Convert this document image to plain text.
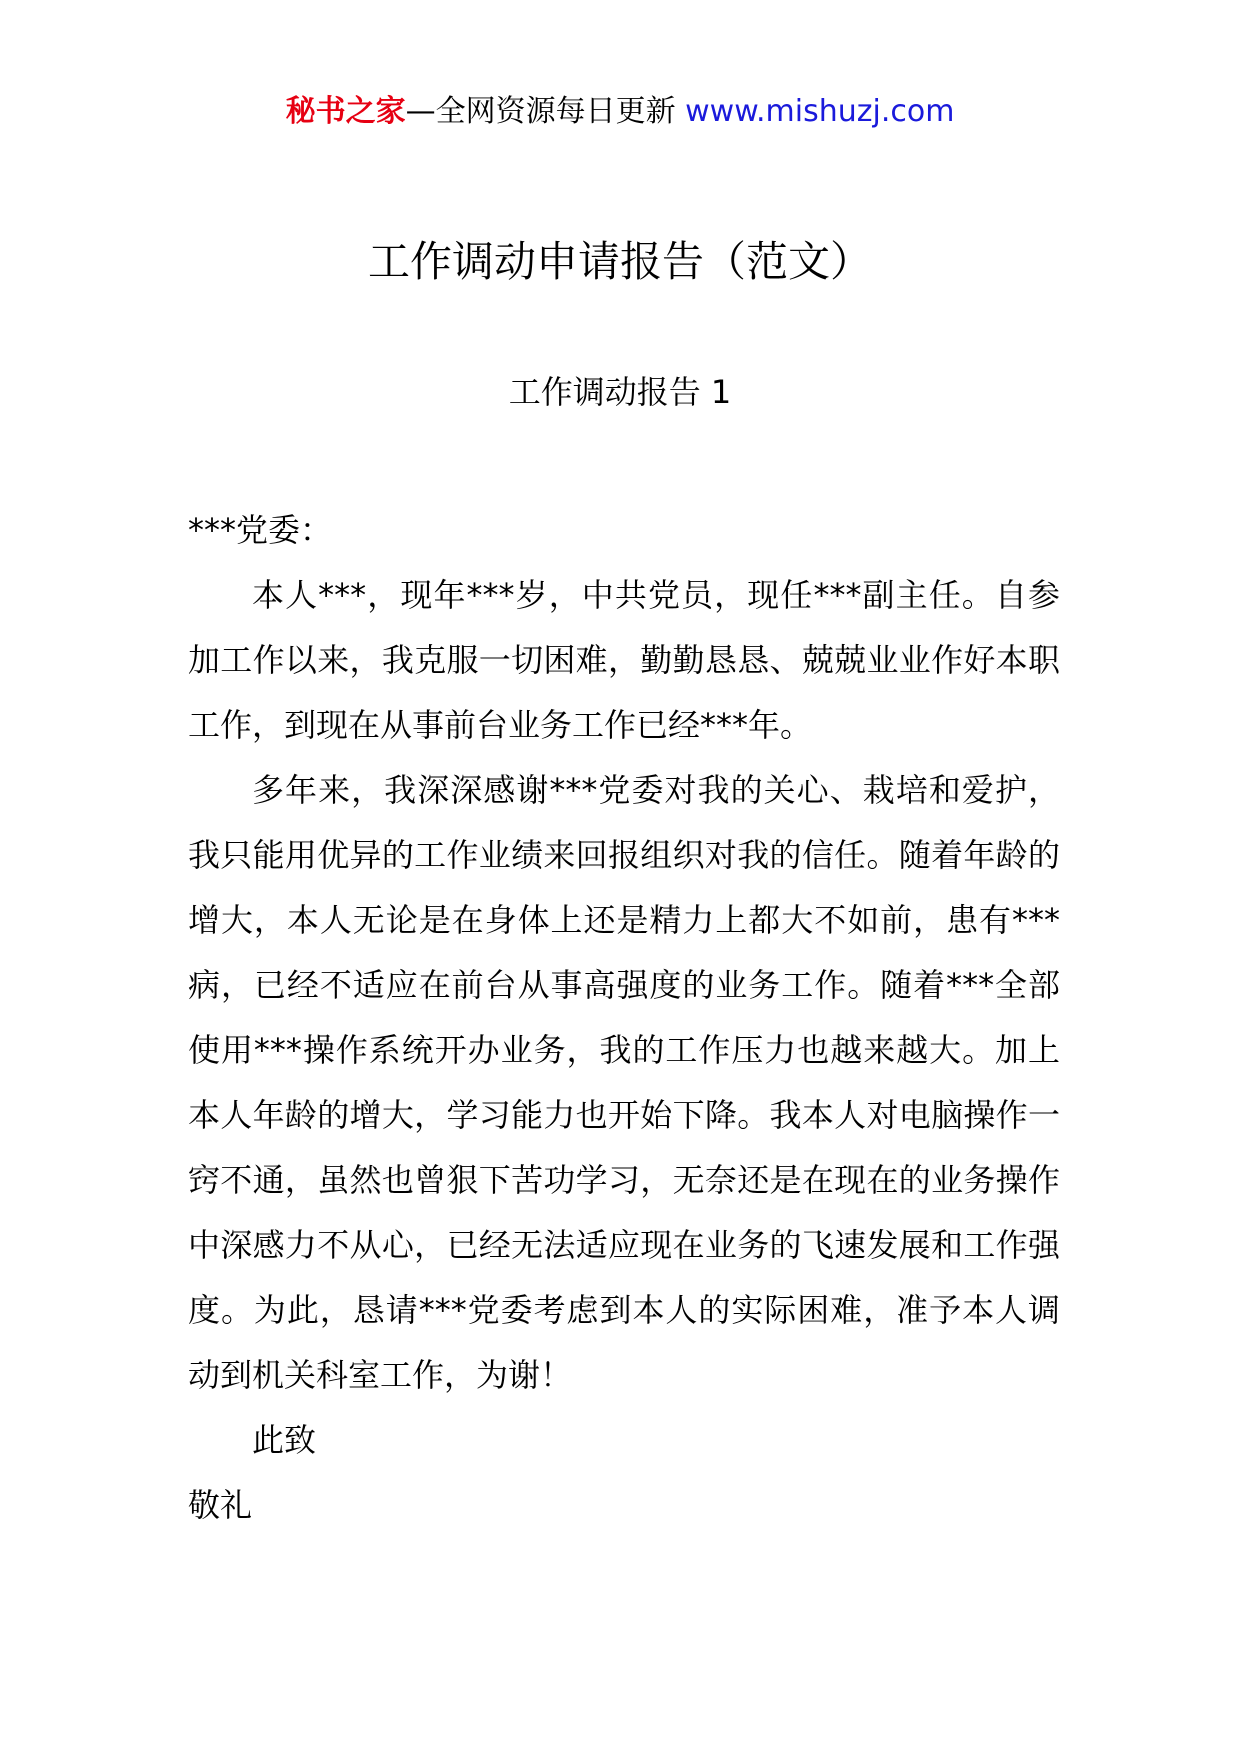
秘书之家—全网资源每日更新 www.mishuzj.com
工作调动申请报告（范文）
工作调动报告 1

***党委：

本人***，现年***岁，中共党员，现任***副主任。自参加工作以来，我克服一切困难，勤勤恳恳、兢兢业业作好本职工作，到现在从事前台业务工作已经***年。

多年来，我深深感谢***党委对我的关心、栽培和爱护，我只能用优异的工作业绩来回报组织对我的信任。随着年龄的增大，本人无论是在身体上还是精力上都大不如前，患有***病，已经不适应在前台从事高强度的业务工作。随着***全部使用***操作系统开办业务，我的工作压力也越来越大。加上本人年龄的增大，学习能力也开始下降。我本人对电脑操作一窍不通，虽然也曾狠下苦功学习，无奈还是在现在的业务操作中深感力不从心，已经无法适应现在业务的飞速发展和工作强度。为此，恳请***党委考虑到本人的实际困难，准予本人调动到机关科室工作，为谢！

此致

敬礼
